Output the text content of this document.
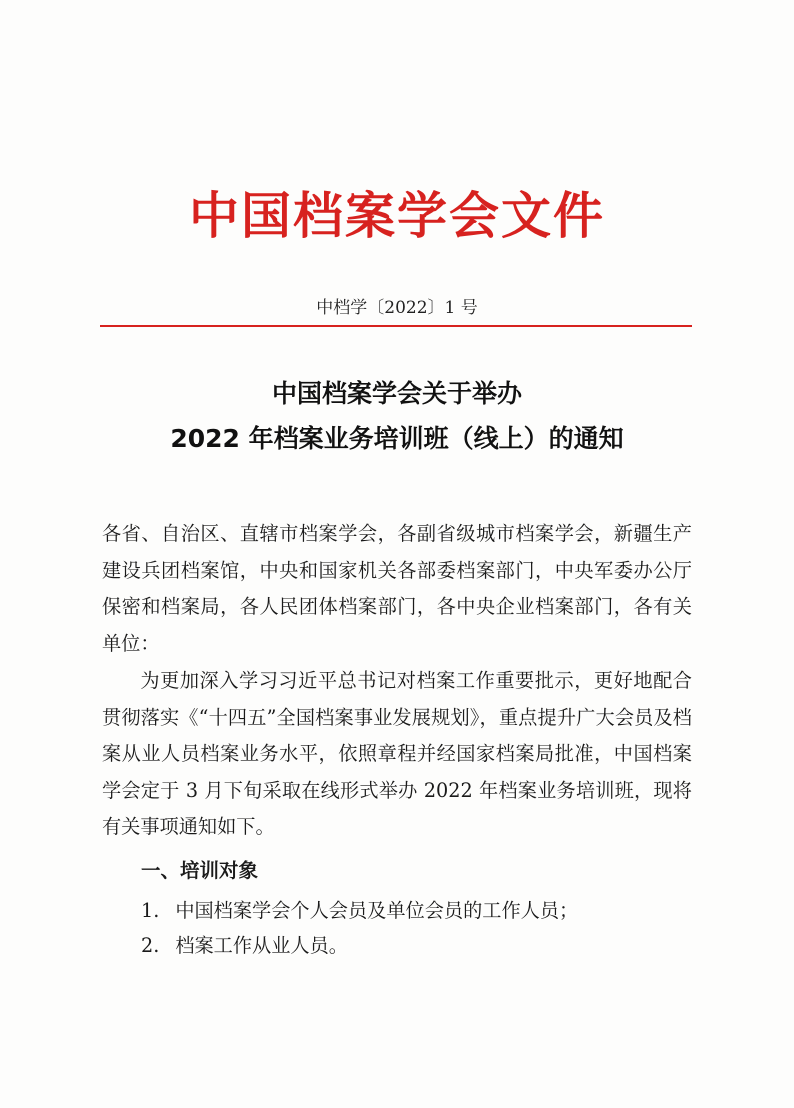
中国档案学会文件
中档学〔2022〕1 号
中国档案学会关于举办
2022 年档案业务培训班（线上）的通知
各省、自治区、直辖市档案学会，各副省级城市档案学会，新疆生产建设兵团档案馆，中央和国家机关各部委档案部门，中央军委办公厅保密和档案局，各人民团体档案部门，各中央企业档案部门，各有关单位：
为更加深入学习习近平总书记对档案工作重要批示，更好地配合贯彻落实《“十四五”全国档案事业发展规划》，重点提升广大会员及档案从业人员档案业务水平，依照章程并经国家档案局批准，中国档案学会定于 3 月下旬采取在线形式举办 2022 年档案业务培训班，现将有关事项通知如下。
一、培训对象
1. 中国档案学会个人会员及单位会员的工作人员；
2. 档案工作从业人员。
